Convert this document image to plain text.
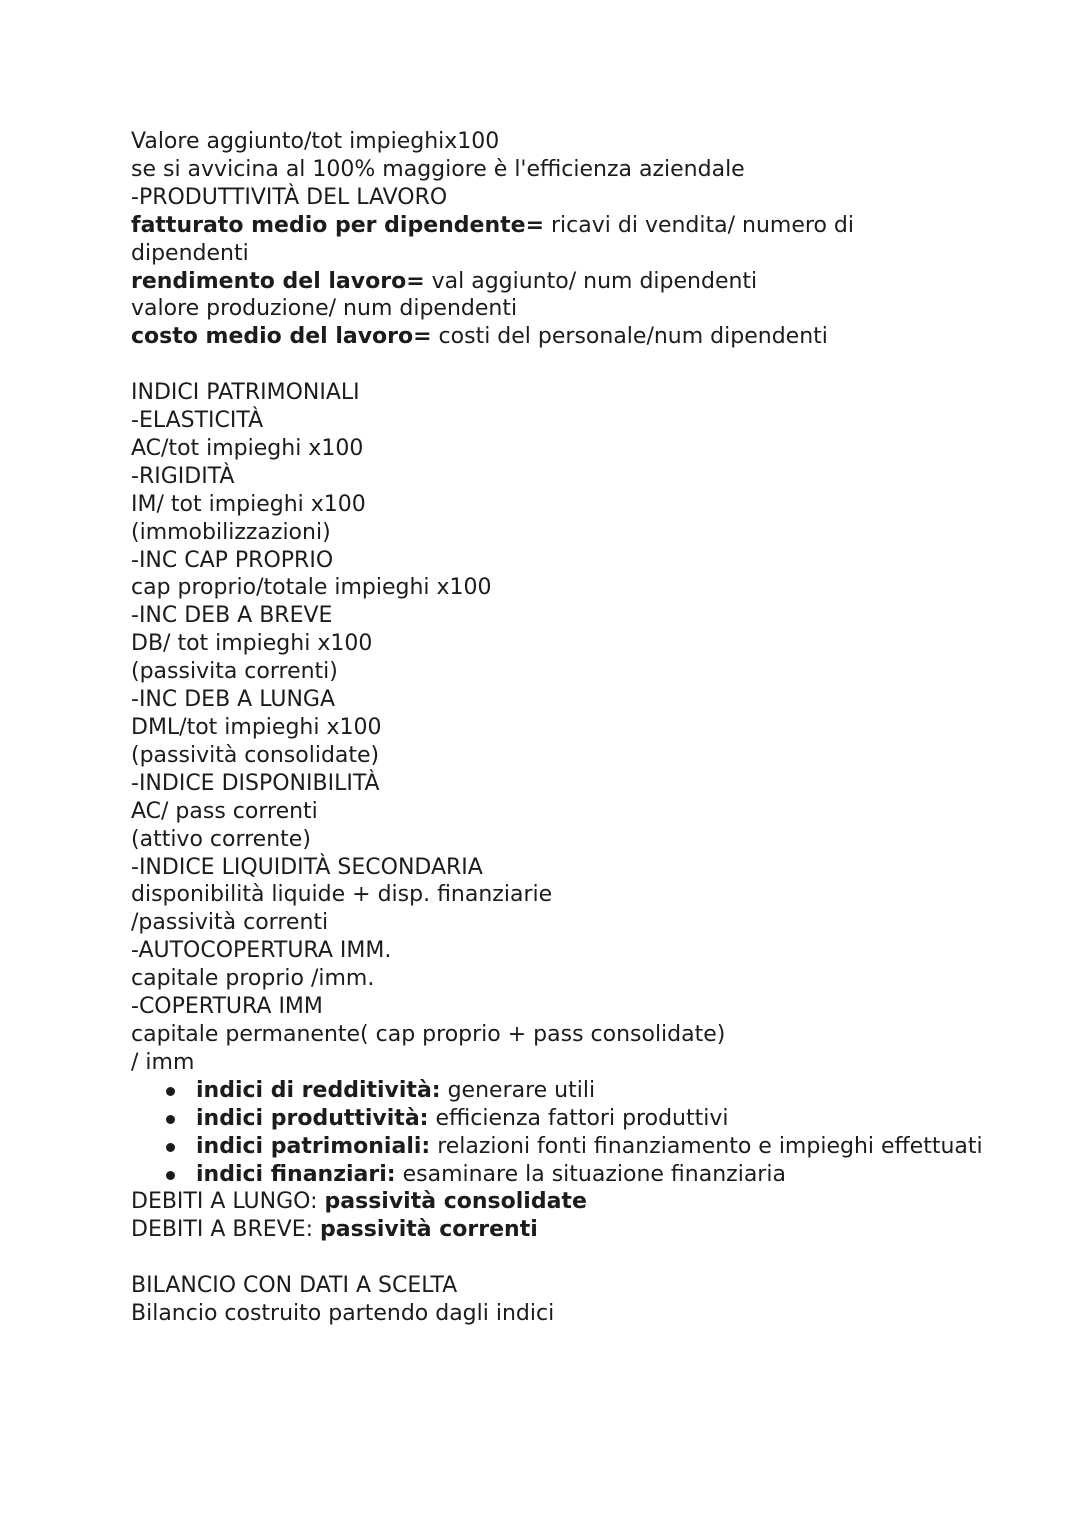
Valore aggiunto/tot impieghix100
se si avvicina al 100% maggiore è l'efficienza aziendale
-PRODUTTIVITÀ DEL LAVORO
fatturato medio per dipendente= ricavi di vendita/ numero di
dipendenti
rendimento del lavoro= val aggiunto/ num dipendenti
valore produzione/ num dipendenti
costo medio del lavoro= costi del personale/num dipendenti
INDICI PATRIMONIALI
-ELASTICITÀ
AC/tot impieghi x100
-RIGIDITÀ
IM/ tot impieghi x100
(immobilizzazioni)
-INC CAP PROPRIO
cap proprio/totale impieghi x100
-INC DEB A BREVE
DB/ tot impieghi x100
(passivita correnti)
-INC DEB A LUNGA
DML/tot impieghi x100
(passività consolidate)
-INDICE DISPONIBILITÀ
AC/ pass correnti
(attivo corrente)
-INDICE LIQUIDITÀ SECONDARIA
disponibilità liquide + disp. finanziarie
/passività correnti
-AUTOCOPERTURA IMM.
capitale proprio /imm.
-COPERTURA IMM
capitale permanente( cap proprio + pass consolidate)
/ imm
indici di redditività: generare utili
indici produttività: efficienza fattori produttivi
indici patrimoniali: relazioni fonti finanziamento e impieghi effettuati
indici finanziari: esaminare la situazione finanziaria
DEBITI A LUNGO: passività consolidate
DEBITI A BREVE: passività correnti
BILANCIO CON DATI A SCELTA
Bilancio costruito partendo dagli indici
